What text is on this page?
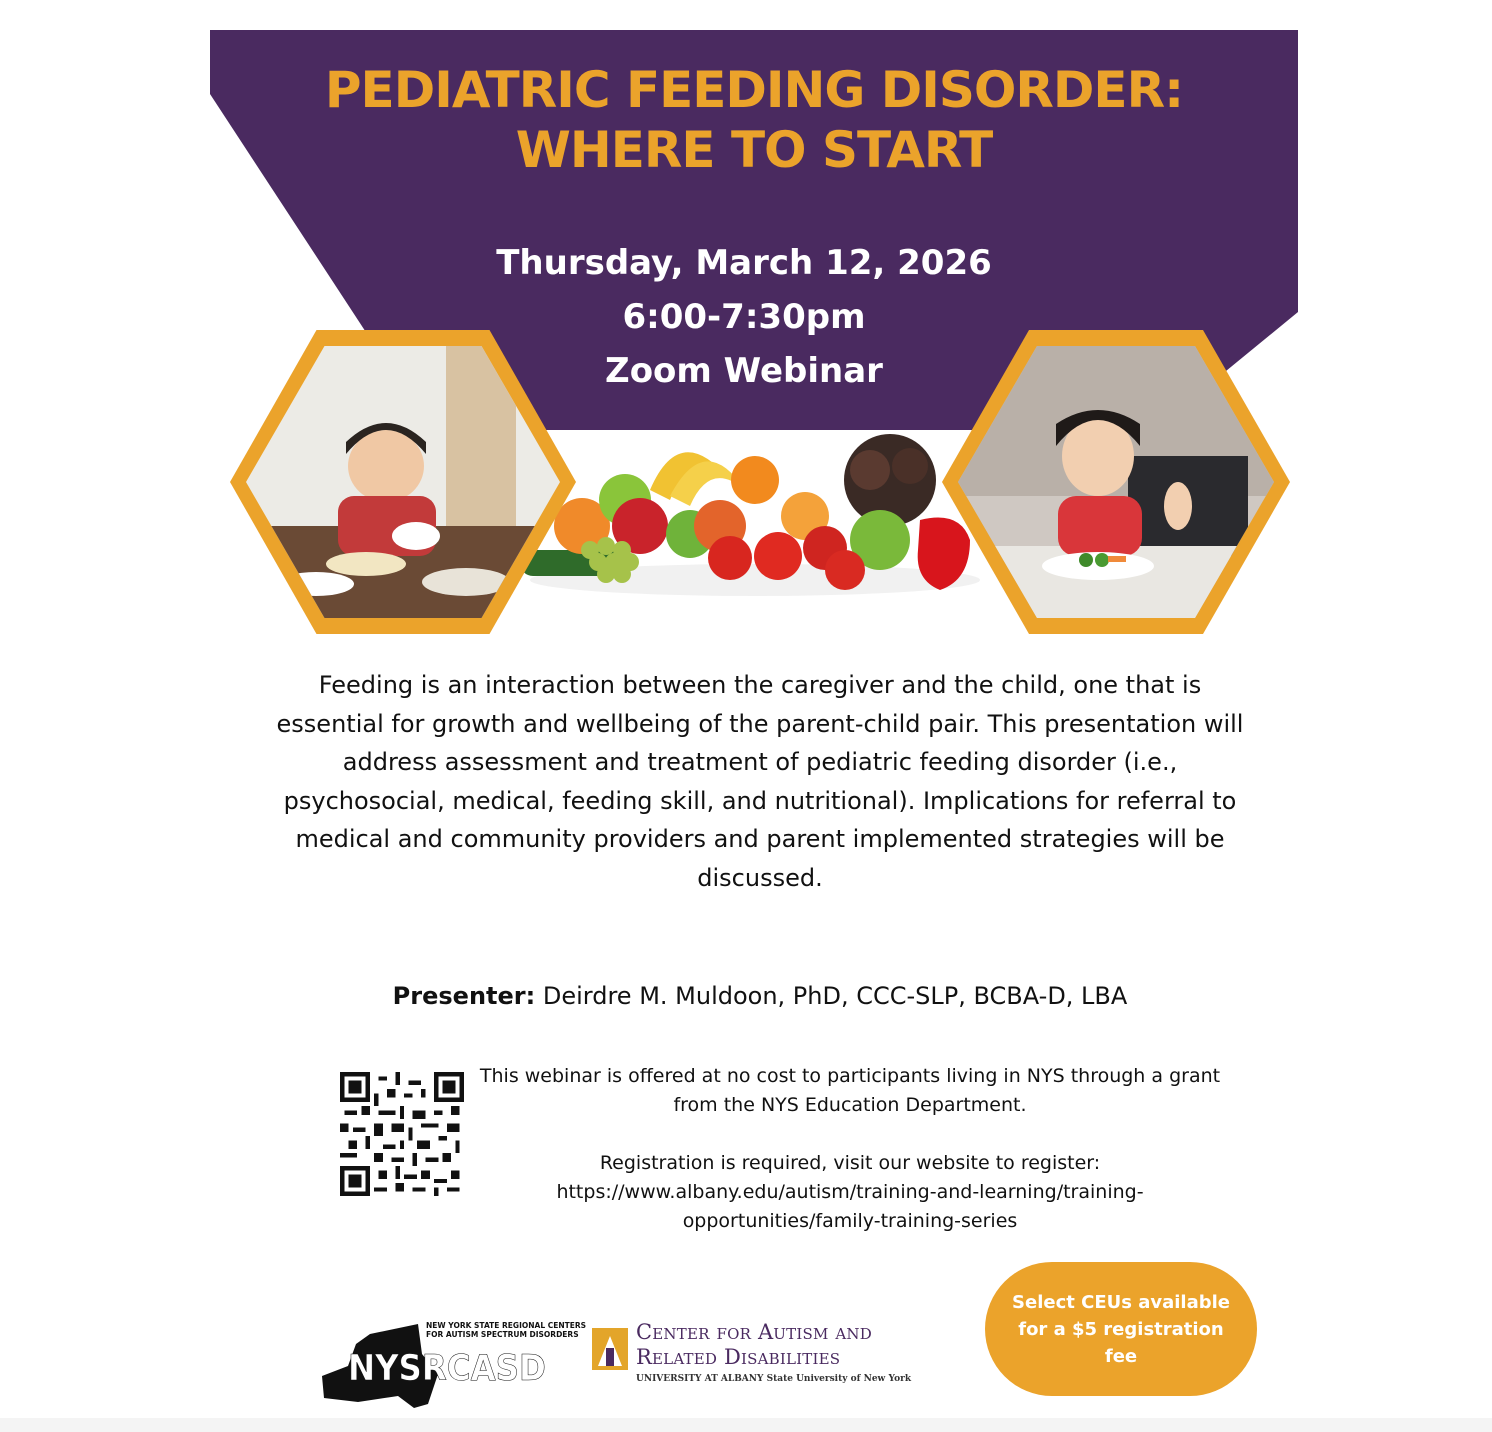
PEDIATRIC FEEDING DISORDER:
WHERE TO START
Thursday, March 12, 2026
6:00-7:30pm
Zoom Webinar
Feeding is an interaction between the caregiver and the child, one that is essential for growth and wellbeing of the parent-child pair. This presentation will address assessment and treatment of pediatric feeding disorder (i.e., psychosocial, medical, feeding skill, and nutritional). Implications for referral to medical and community providers and parent implemented strategies will be discussed.
Presenter: Deirdre M. Muldoon, PhD, CCC-SLP, BCBA-D, LBA

This webinar is offered at no cost to participants living in NYS through a grant from the NYS Education Department.

Registration is required, visit our website to register:

https://www.albany.edu/autism/training-and-learning/training-opportunities/family-training-series

NEW YORK STATE REGIONAL CENTERS
FOR AUTISM SPECTRUM DISORDERS
NYSRCASD
Center for Autism and
Related Disabilities
UNIVERSITY AT ALBANY State University of New York
Select CEUs available for a $5 registration fee
